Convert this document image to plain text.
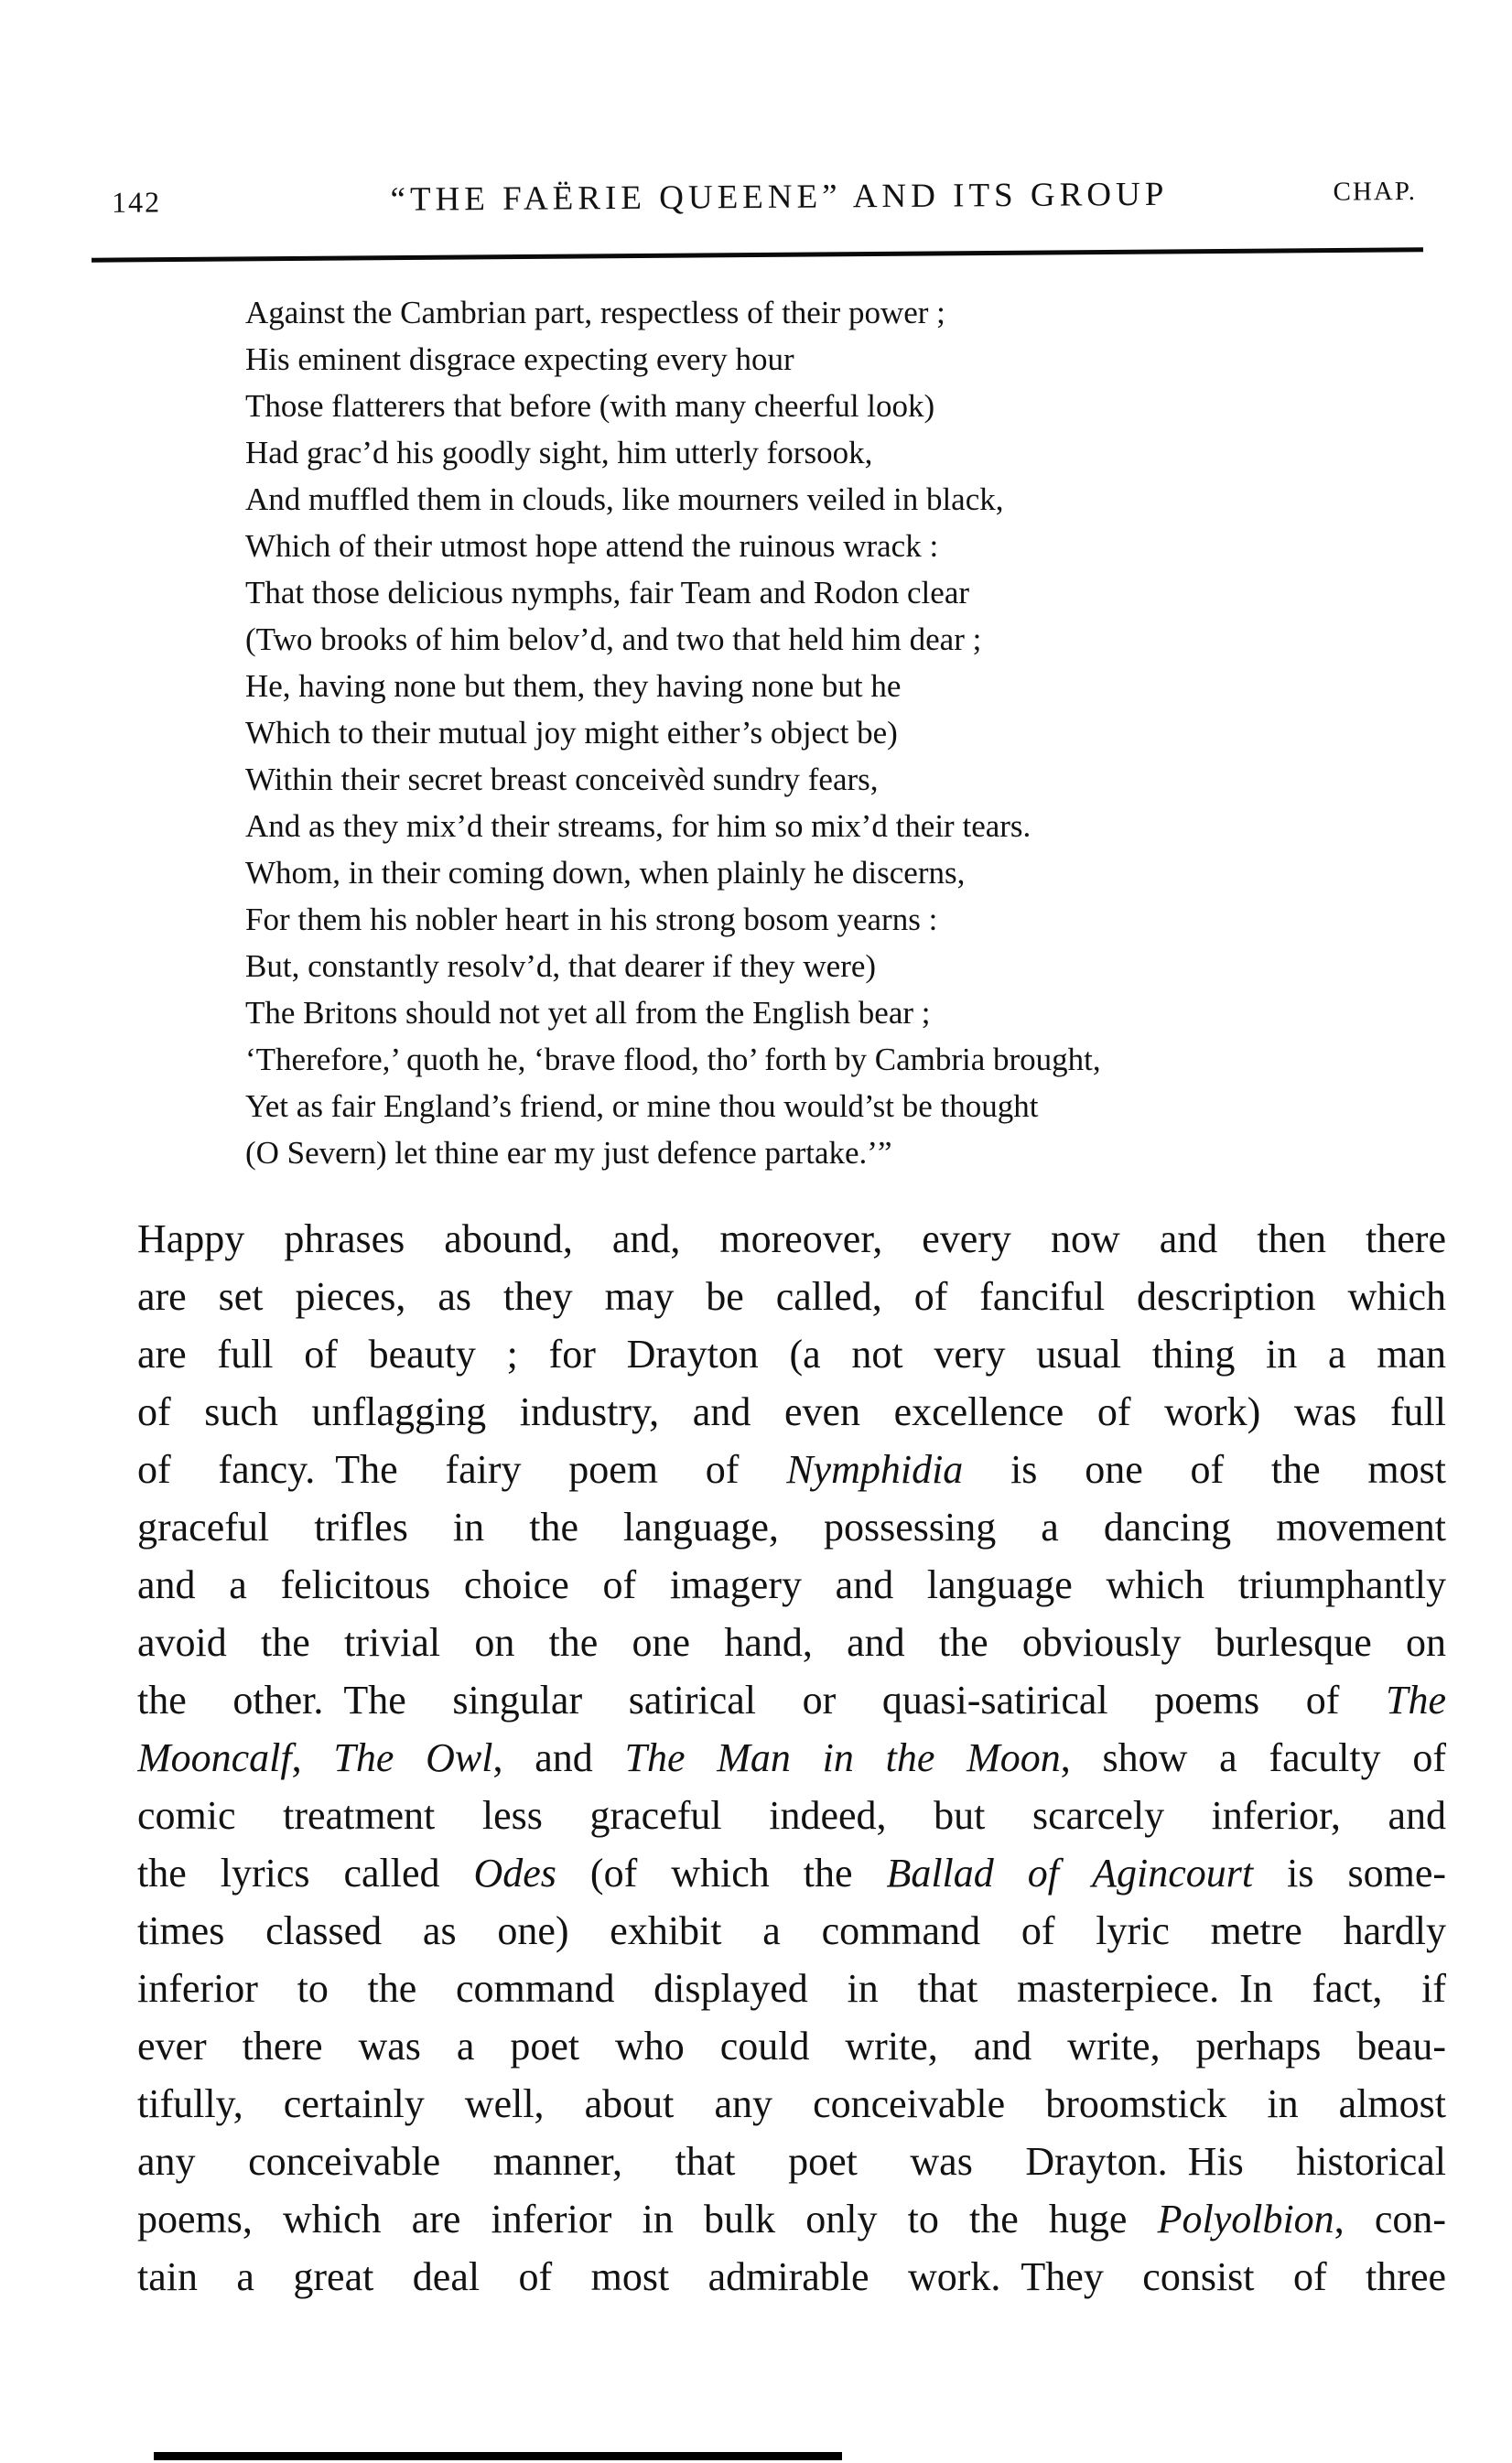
142	“THE FAËRIE QUEENE” AND ITS GROUP	CHAP.
Against the Cambrian part, respectless of their power ;
His eminent disgrace expecting every hour
Those flatterers that before (with many cheerful look)
Had grac’d his goodly sight, him utterly forsook,
And muffled them in clouds, like mourners veiled in black,
Which of their utmost hope attend the ruinous wrack :
That those delicious nymphs, fair Team and Rodon clear
(Two brooks of him belov’d, and two that held him dear ;
He, having none but them, they having none but he
Which to their mutual joy might either’s object be)
Within their secret breast conceivèd sundry fears,
And as they mix’d their streams, for him so mix’d their tears.
Whom, in their coming down, when plainly he discerns,
For them his nobler heart in his strong bosom yearns :
But, constantly resolv’d, that dearer if they were)
The Britons should not yet all from the English bear ;
‘Therefore,’ quoth he, ‘brave flood, tho’ forth by Cambria brought,
Yet as fair England’s friend, or mine thou would’st be thought
(O Severn) let thine ear my just defence partake.’”
Happy phrases abound, and, moreover, every now and then there
are set pieces, as they may be called, of fanciful description which
are full of beauty ; for Drayton (a not very usual thing in a man
of such unflagging industry, and even excellence of work) was full
of fancy. The fairy poem of Nymphidia is one of the most
graceful trifles in the language, possessing a dancing movement
and a felicitous choice of imagery and language which triumphantly
avoid the trivial on the one hand, and the obviously burlesque on
the other. The singular satirical or quasi-satirical poems of The
Mooncalf, The Owl, and The Man in the Moon, show a faculty of
comic treatment less graceful indeed, but scarcely inferior, and
the lyrics called Odes (of which the Ballad of Agincourt is some-
times classed as one) exhibit a command of lyric metre hardly
inferior to the command displayed in that masterpiece. In fact, if
ever there was a poet who could write, and write, perhaps beau-
tifully, certainly well, about any conceivable broomstick in almost
any conceivable manner, that poet was Drayton. His historical
poems, which are inferior in bulk only to the huge Polyolbion, con-
tain a great deal of most admirable work. They consist of three
